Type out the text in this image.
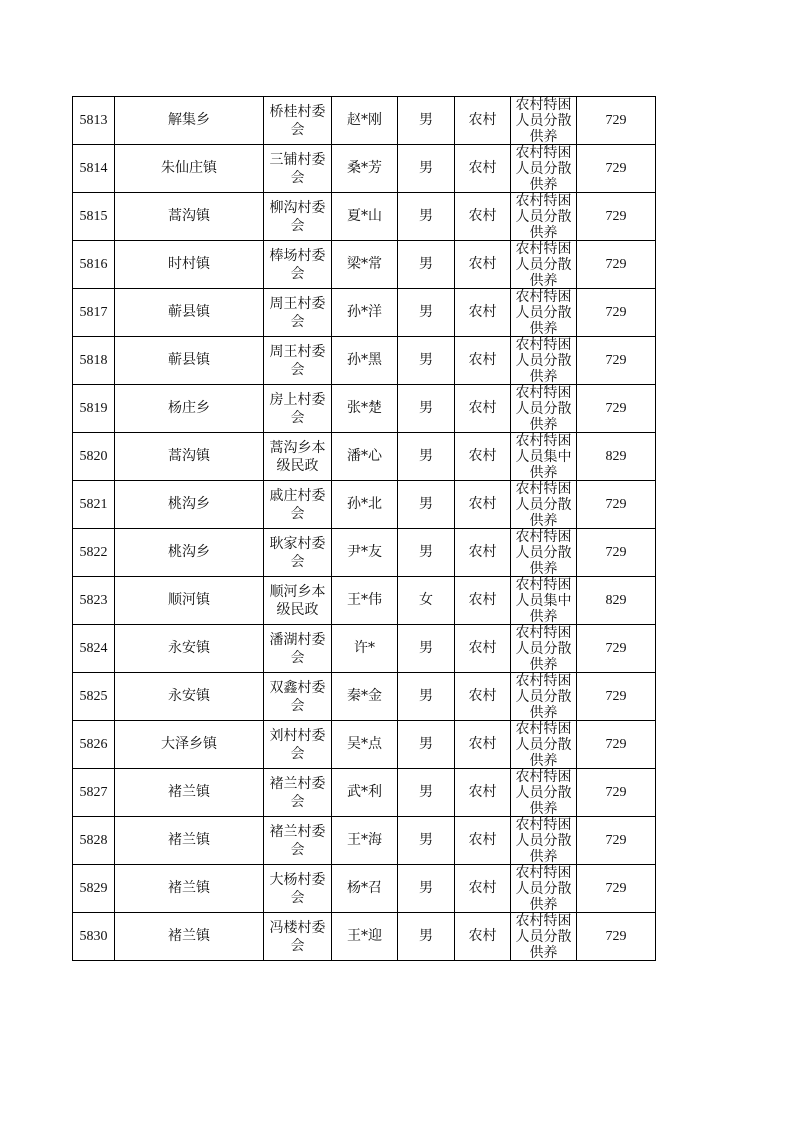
5813	解集乡	桥桂村委会	赵*刚	男	农村	农村特困人员分散供养	729
5814	朱仙庄镇	三铺村委会	桑*芳	男	农村	农村特困人员分散供养	729
5815	蒿沟镇	柳沟村委会	夏*山	男	农村	农村特困人员分散供养	729
5816	时村镇	棒场村委会	梁*常	男	农村	农村特困人员分散供养	729
5817	蕲县镇	周王村委会	孙*洋	男	农村	农村特困人员分散供养	729
5818	蕲县镇	周王村委会	孙*黑	男	农村	农村特困人员分散供养	729
5819	杨庄乡	房上村委会	张*楚	男	农村	农村特困人员分散供养	729
5820	蒿沟镇	蒿沟乡本级民政	潘*心	男	农村	农村特困人员集中供养	829
5821	桃沟乡	戚庄村委会	孙*北	男	农村	农村特困人员分散供养	729
5822	桃沟乡	耿家村委会	尹*友	男	农村	农村特困人员分散供养	729
5823	顺河镇	顺河乡本级民政	王*伟	女	农村	农村特困人员集中供养	829
5824	永安镇	潘湖村委会	许*	男	农村	农村特困人员分散供养	729
5825	永安镇	双鑫村委会	秦*金	男	农村	农村特困人员分散供养	729
5826	大泽乡镇	刘村村委会	吴*点	男	农村	农村特困人员分散供养	729
5827	褚兰镇	褚兰村委会	武*利	男	农村	农村特困人员分散供养	729
5828	褚兰镇	褚兰村委会	王*海	男	农村	农村特困人员分散供养	729
5829	褚兰镇	大杨村委会	杨*召	男	农村	农村特困人员分散供养	729
5830	褚兰镇	冯楼村委会	王*迎	男	农村	农村特困人员分散供养	729
